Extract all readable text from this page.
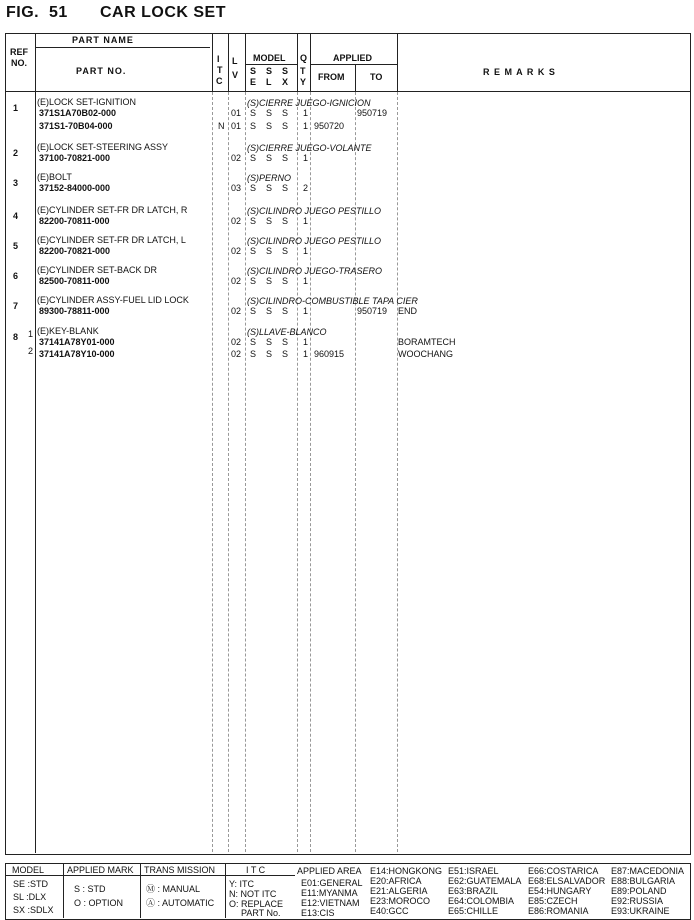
FIG. 51 CAR LOCK SET
PART NAME
REF
NO.
PART NO.
I
T
C
L
V
MODEL
S
E
S
L
S
X
Q
T
Y
APPLIED
FROM	TO	R E M A R K S
1
(E)LOCK SET-IGNITION	(S)CIERRE JUEGO-IGNICION
371S1A70B02-000	01 S S S 1	950719
371S1-70B04-000	N 01 S S S 1 950720
2
(E)LOCK SET-STEERING ASSY	(S)CIERRE JUEGO-VOLANTE
37100-70821-000	02 S S S 1
3
(E)BOLT	(S)PERNO
37152-84000-000	03 S S S 2
4
(E)CYLINDER SET-FR DR LATCH, R	(S)CILINDRO JUEGO PESTILLO
82200-70811-000	02 S S S 1
5
(E)CYLINDER SET-FR DR LATCH, L	(S)CILINDRO JUEGO PESTILLO
82200-70821-000	02 S S S 1
6
(E)CYLINDER SET-BACK DR	(S)CILINDRO JUEGO-TRASERO
82500-70811-000	02 S S S 1
7
(E)CYLINDER ASSY-FUEL LID LOCK	(S)CILINDRO-COMBUSTIBLE TAPA CIER
89300-78811-000	02 S S S 1	950719 END
8 1 (E)KEY-BLANK	(S)LLAVE-BLANCO
37141A78Y01-000	02 S S S 1	BORAMTECH
2 37141A78Y10-000	02 S S S 1 960915	WOOCHANG
MODEL
SE :STD
SL :DLX
SX :SDLX
APPLIED MARK
S : STD
O : OPTION
TRANS MISSION
Ⓜ : MANUAL
Ⓐ : AUTOMATIC
I T C
Y: ITC
N: NOT ITC
O: REPLACE
PART No.
APPLIED AREA
E01:GENERAL
E11:MYANMA
E12:VIETNAM
E13:CIS
E14:HONGKONG
E20:AFRICA
E21:ALGERIA
E23:MOROCO
E40:GCC
E51:ISRAEL
E62:GUATEMALA
E63:BRAZIL
E64:COLOMBIA
E65:CHILLE
E66:COSTARICA
E68:ELSALVADOR
E54:HUNGARY
E85:CZECH
E86:ROMANIA
E87:MACEDONIA
E88:BULGARIA
E89:POLAND
E92:RUSSIA
E93:UKRAINE
